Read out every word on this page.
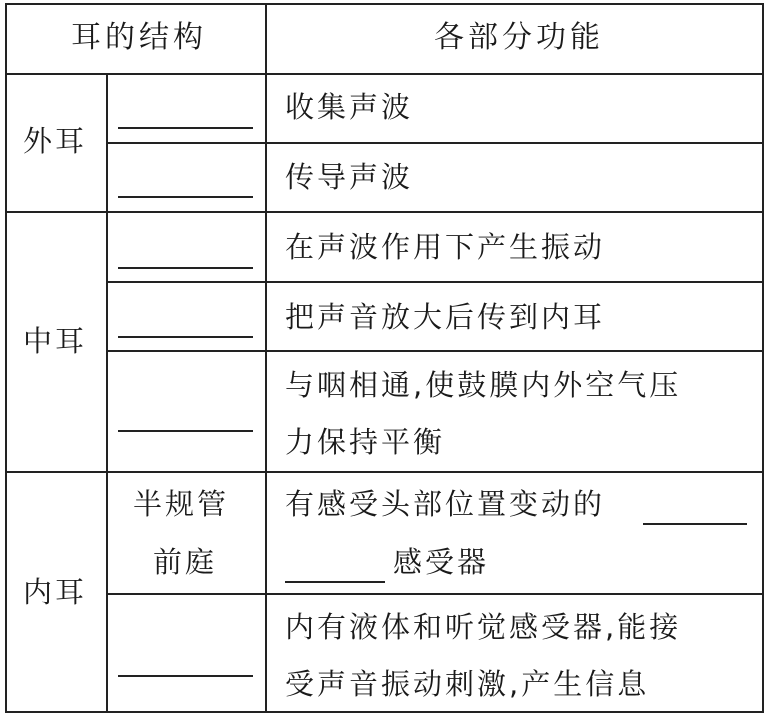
耳的结构	各部分功能
外耳
中耳
内耳
半规管
前庭
收集声波
传导声波
在声波作用下产生振动
把声音放大后传到内耳
与咽相通,使鼓膜内外空气压
力保持平衡
有感受头部位置变动的
感受器
内有液体和听觉感受器,能接
受声音振动刺激,产生信息
